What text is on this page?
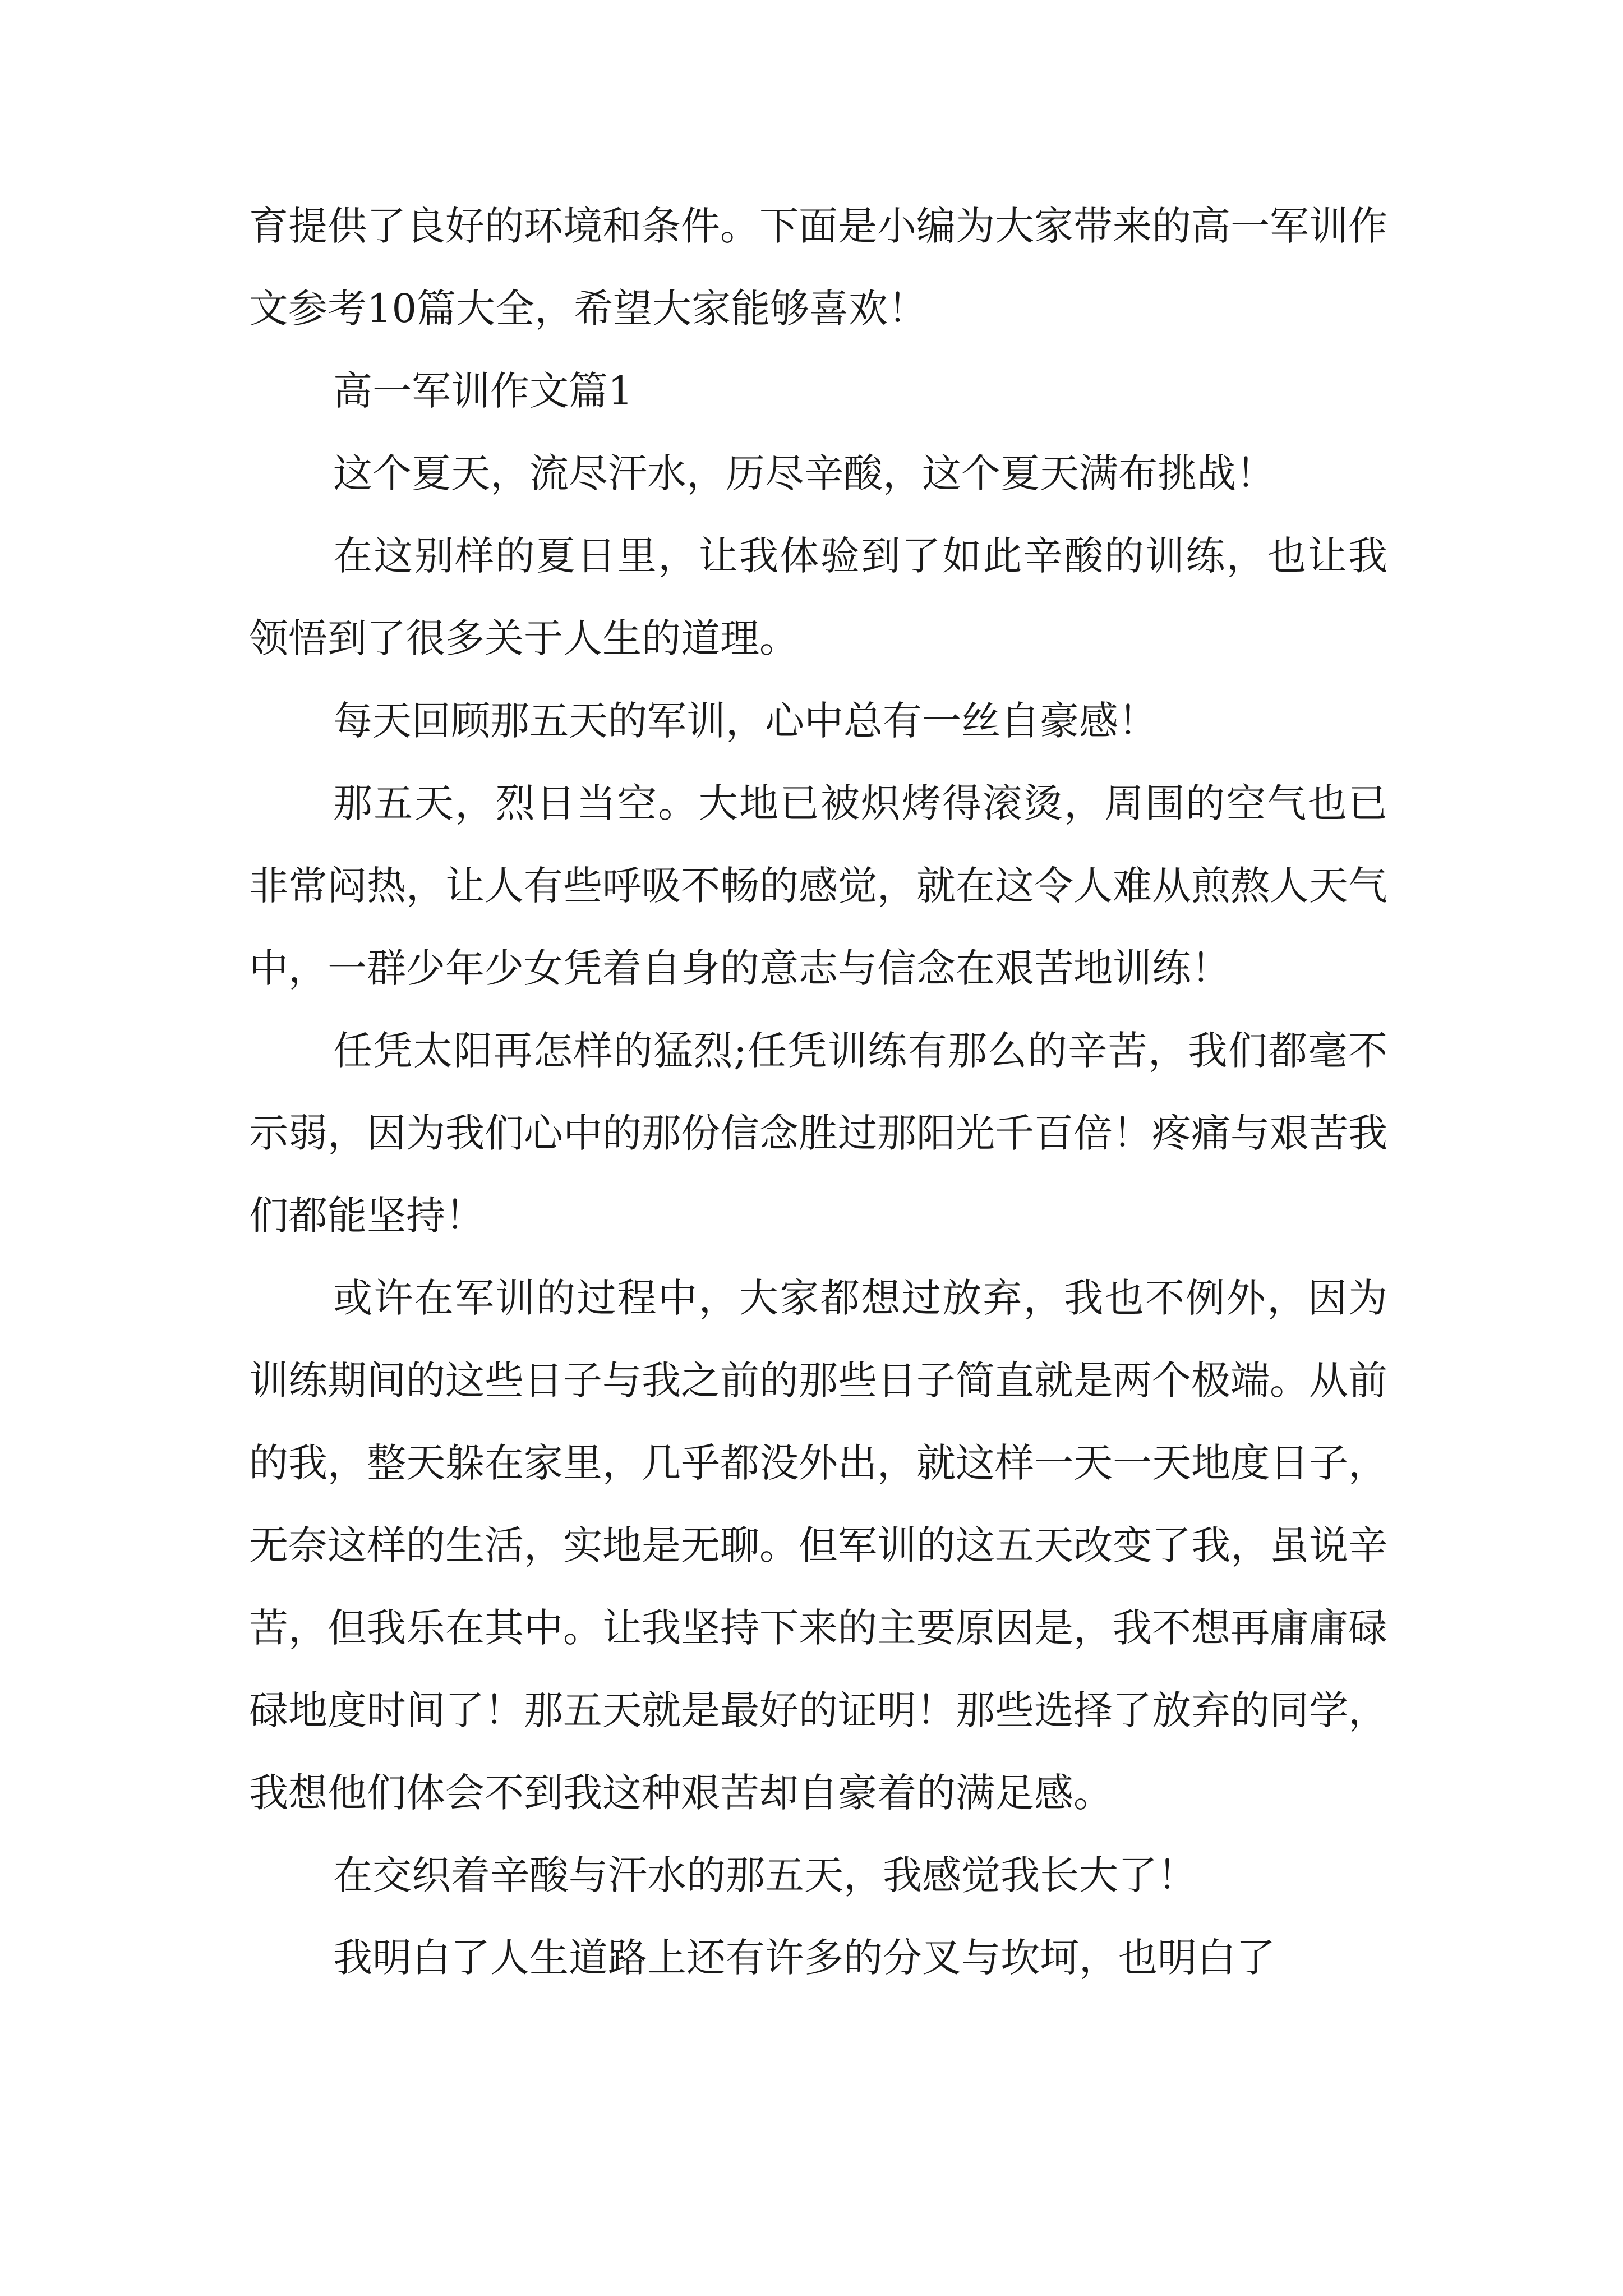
育提供了良好的环境和条件。下面是小编为大家带来的高一军训作文参考10篇大全，希望大家能够喜欢！

高一军训作文篇1

这个夏天，流尽汗水，历尽辛酸，这个夏天满布挑战！

在这别样的夏日里，让我体验到了如此辛酸的训练，也让我领悟到了很多关于人生的道理。

每天回顾那五天的军训，心中总有一丝自豪感！

那五天，烈日当空。大地已被炽烤得滚烫，周围的空气也已非常闷热，让人有些呼吸不畅的感觉，就在这令人难从煎熬人天气中，一群少年少女凭着自身的意志与信念在艰苦地训练！

任凭太阳再怎样的猛烈;任凭训练有那么的辛苦，我们都毫不示弱，因为我们心中的那份信念胜过那阳光千百倍！疼痛与艰苦我们都能坚持！

或许在军训的过程中，大家都想过放弃，我也不例外，因为训练期间的这些日子与我之前的那些日子简直就是两个极端。从前的我，整天躲在家里，几乎都没外出，就这样一天一天地度日子，无奈这样的生活，实地是无聊。但军训的这五天改变了我，虽说辛苦，但我乐在其中。让我坚持下来的主要原因是，我不想再庸庸碌碌地度时间了！那五天就是最好的证明！那些选择了放弃的同学，我想他们体会不到我这种艰苦却自豪着的满足感。

在交织着辛酸与汗水的那五天，我感觉我长大了！

我明白了人生道路上还有许多的分叉与坎坷，也明白了
